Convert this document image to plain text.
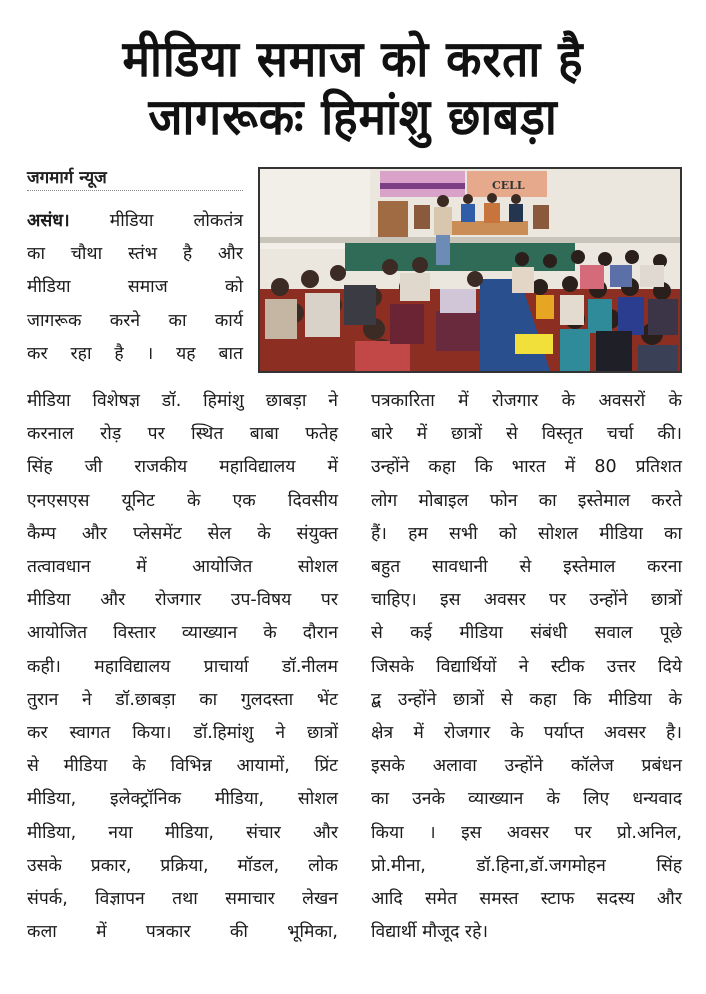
मीडिया समाज को करता है
जागरूकः हिमांशु छाबड़ा
जगमार्ग न्यूज	CELL
असंध। मीडिया लोकतंत्र
का चौथा स्तंभ है और
मीडिया समाज को
जागरूक करने का कार्य
कर रहा है । यह बात
मीडिया विशेषज्ञ डॉ. हिमांशु छाबड़ा ने
करनाल रोड़ पर स्थित बाबा फतेह
सिंह जी राजकीय महाविद्यालय में
एनएसएस यूनिट के एक दिवसीय
कैम्प और प्लेसमेंट सेल के संयुक्त
तत्वावधान में आयोजित सोशल
मीडिया और रोजगार उप-विषय पर
आयोजित विस्तार व्याख्यान के दौरान
कही। महाविद्यालय प्राचार्या डॉ.नीलम
तुरान ने डॉ.छाबड़ा का गुलदस्ता भेंट
कर स्वागत किया। डॉ.हिमांशु ने छात्रों
से मीडिया के विभिन्न आयामों, प्रिंट
मीडिया, इलेक्ट्रॉनिक मीडिया, सोशल
मीडिया, नया मीडिया, संचार और
उसके प्रकार, प्रक्रिया, मॉडल, लोक
संपर्क, विज्ञापन तथा समाचार लेखन
कला में पत्रकार की भूमिका,
पत्रकारिता में रोजगार के अवसरों के
बारे में छात्रों से विस्तृत चर्चा की।
उन्होंने कहा कि भारत में 80 प्रतिशत
लोग मोबाइल फोन का इस्तेमाल करते
हैं। हम सभी को सोशल मीडिया का
बहुत सावधानी से इस्तेमाल करना
चाहिए। इस अवसर पर उन्होंने छात्रों
से कई मीडिया संबंधी सवाल पूछे
जिसके विद्यार्थियों ने स्टीक उत्तर दिये
द्ब उन्होंने छात्रों से कहा कि मीडिया के
क्षेत्र में रोजगार के पर्याप्त अवसर है।
इसके अलावा उन्होंने कॉलेज प्रबंधन
का उनके व्याख्यान के लिए धन्यवाद
किया । इस अवसर पर प्रो.अनिल,
प्रो.मीना, डॉ.हिना,डॉ.जगमोहन सिंह
आदि समेत समस्त स्टाफ सदस्य और
विद्यार्थी मौजूद रहे।
